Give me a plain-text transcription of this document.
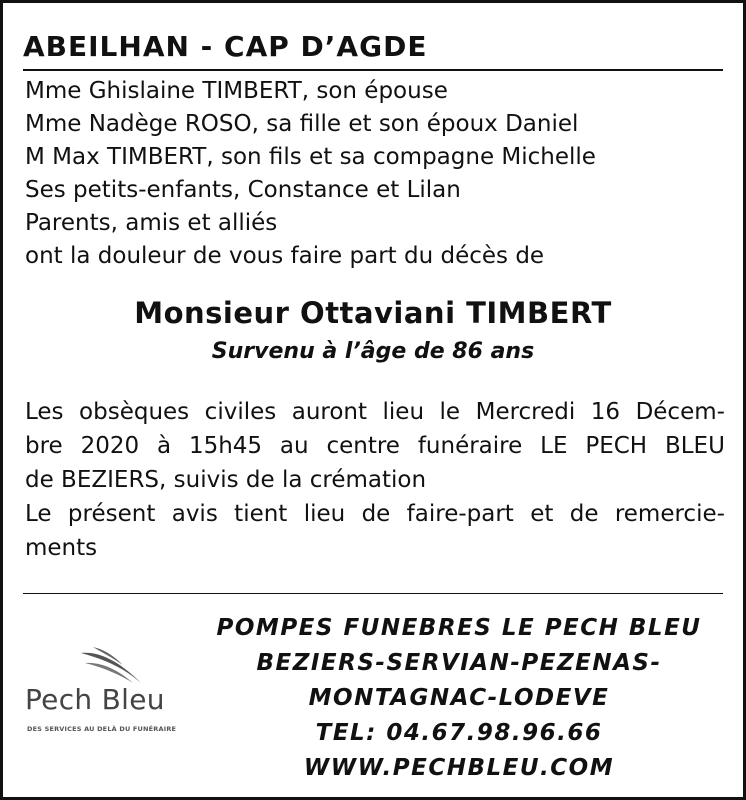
ABEILHAN - CAP D’AGDE
Mme Ghislaine TIMBERT, son épouse
Mme Nadège ROSO, sa fille et son époux Daniel
M Max TIMBERT, son fils et sa compagne Michelle
Ses petits-enfants, Constance et Lilan
Parents, amis et alliés
ont la douleur de vous faire part du décès de
Monsieur Ottaviani TIMBERT
Survenu à l’âge de 86 ans
Les obsèques civiles auront lieu le Mercredi 16 Décem-
bre 2020 à 15h45 au centre funéraire LE PECH BLEU
de BEZIERS, suivis de la crémation
Le présent avis tient lieu de faire-part et de remercie-
ments
Pech Bleu
DES SERVICES AU DELÀ DU FUNÉRAIRE
POMPES FUNEBRES LE PECH BLEU
BEZIERS-SERVIAN-PEZENAS-
MONTAGNAC-LODEVE
TEL: 04.67.98.96.66
WWW.PECHBLEU.COM
